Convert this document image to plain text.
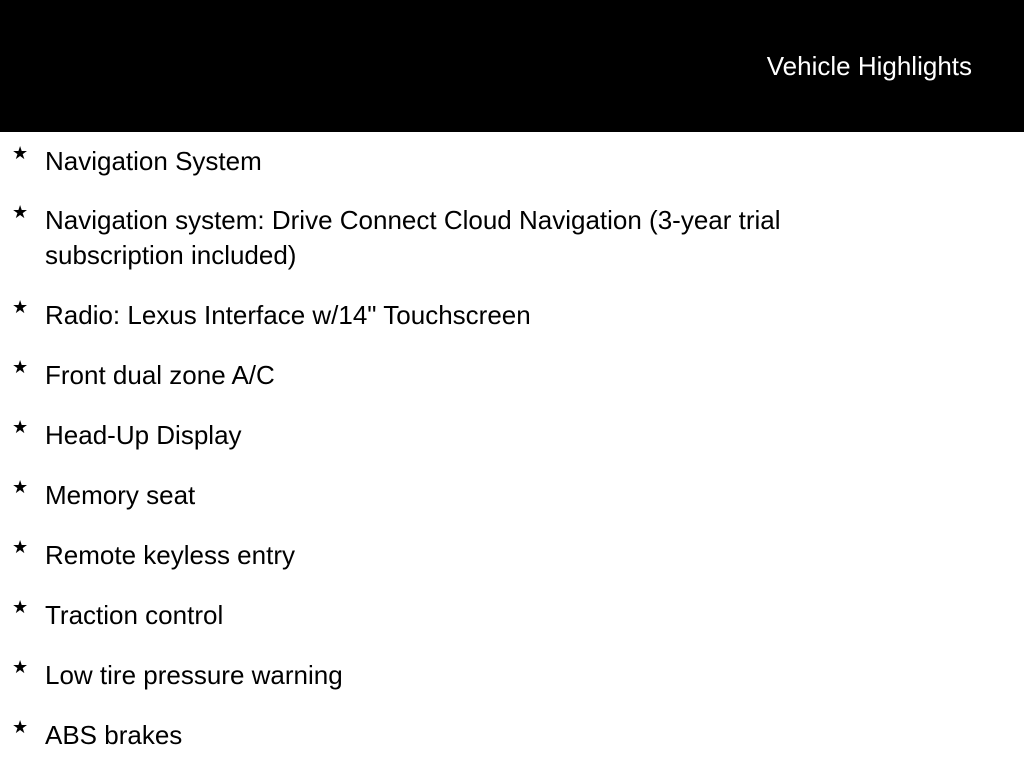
Vehicle Highlights
★ Navigation System
★ Navigation system: Drive Connect Cloud Navigation (3-year trial subscription included)
★ Radio: Lexus Interface w/14" Touchscreen
★ Front dual zone A/C
★ Head-Up Display
★ Memory seat
★ Remote keyless entry
★ Traction control
★ Low tire pressure warning
★ ABS brakes
